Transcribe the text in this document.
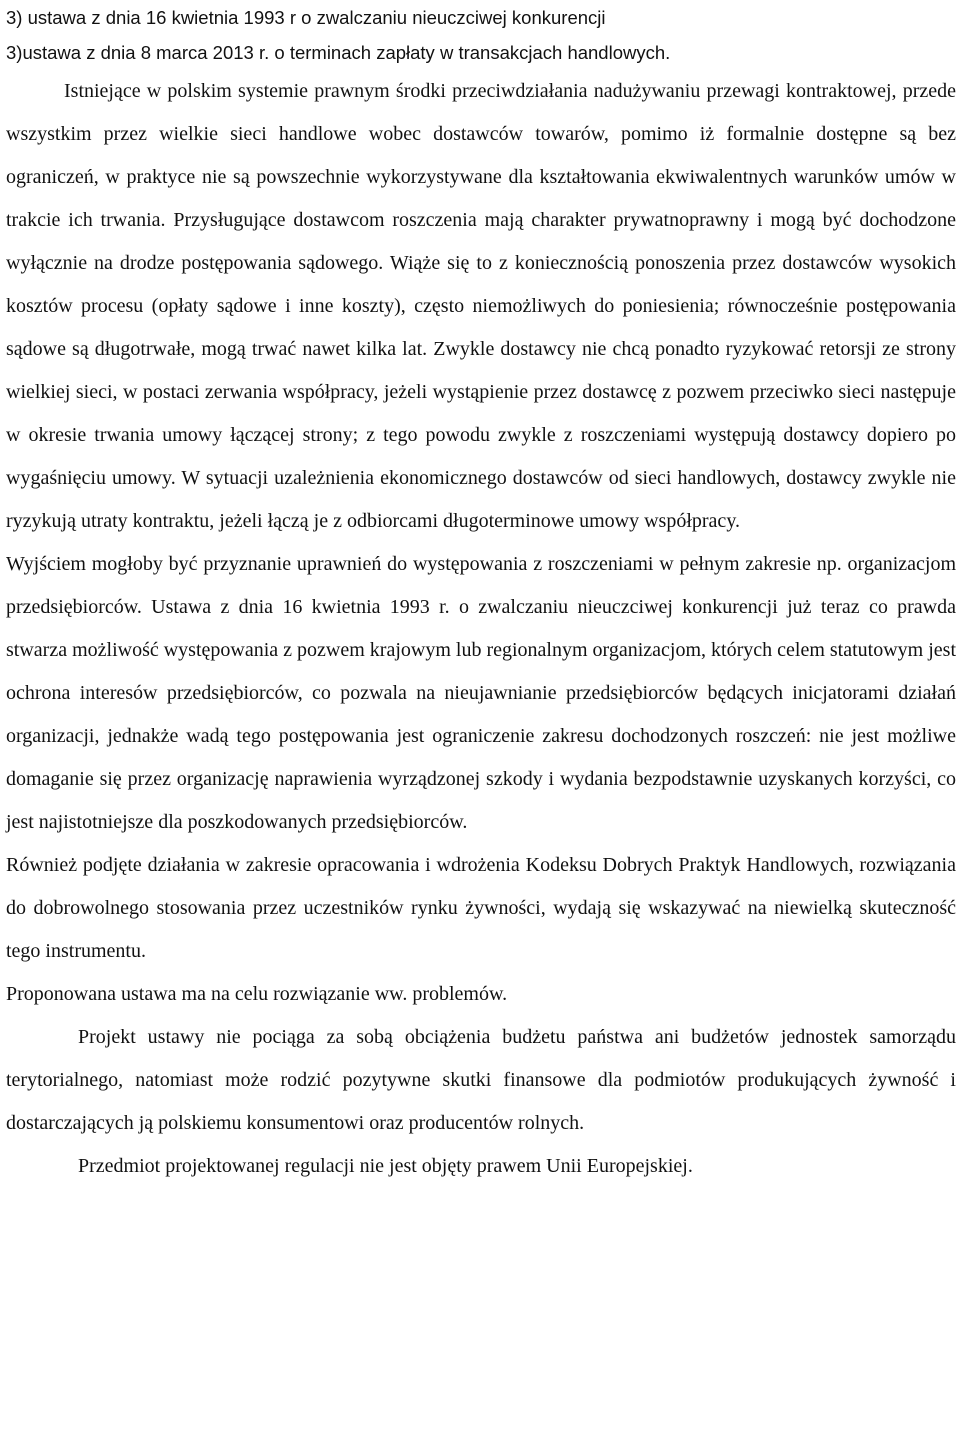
3) ustawa z dnia 16 kwietnia 1993 r o zwalczaniu nieuczciwej konkurencji

3)ustawa z dnia 8 marca 2013 r. o terminach zapłaty w transakcjach handlowych.

Istniejące w polskim systemie prawnym środki przeciwdziałania nadużywaniu przewagi kontraktowej, przede wszystkim przez wielkie sieci handlowe wobec dostawców towarów, pomimo iż formalnie dostępne są bez ograniczeń, w praktyce nie są powszechnie wykorzystywane dla kształtowania ekwiwalentnych warunków umów w trakcie ich trwania. Przysługujące dostawcom roszczenia mają charakter prywatnoprawny i mogą być dochodzone wyłącznie na drodze postępowania sądowego. Wiąże się to z koniecznością ponoszenia przez dostawców wysokich kosztów procesu (opłaty sądowe i inne koszty), często niemożliwych do poniesienia; równocześnie postępowania sądowe są długotrwałe, mogą trwać nawet kilka lat. Zwykle dostawcy nie chcą ponadto ryzykować retorsji ze strony wielkiej sieci, w postaci zerwania współpracy, jeżeli wystąpienie przez dostawcę z pozwem przeciwko sieci następuje w okresie trwania umowy łączącej strony; z tego powodu zwykle z roszczeniami występują dostawcy dopiero po wygaśnięciu umowy. W sytuacji uzależnienia ekonomicznego dostawców od sieci handlowych, dostawcy zwykle nie ryzykują utraty kontraktu, jeżeli łączą je z odbiorcami długoterminowe umowy współpracy.

Wyjściem mogłoby być przyznanie uprawnień do występowania z roszczeniami w pełnym zakresie np. organizacjom przedsiębiorców. Ustawa z dnia 16 kwietnia 1993 r. o zwalczaniu nieuczciwej konkurencji już teraz co prawda stwarza możliwość występowania z pozwem krajowym lub regionalnym organizacjom, których celem statutowym jest ochrona interesów przedsiębiorców, co pozwala na nieujawnianie przedsiębiorców będących inicjatorami działań organizacji, jednakże wadą tego postępowania jest ograniczenie zakresu dochodzonych roszczeń: nie jest możliwe domaganie się przez organizację naprawienia wyrządzonej szkody i wydania bezpodstawnie uzyskanych korzyści, co jest najistotniejsze dla poszkodowanych przedsiębiorców.

Również podjęte działania w zakresie opracowania i wdrożenia Kodeksu Dobrych Praktyk Handlowych, rozwiązania do dobrowolnego stosowania przez uczestników rynku żywności, wydają się wskazywać na niewielką skuteczność tego instrumentu.

Proponowana ustawa ma na celu rozwiązanie ww. problemów.

Projekt ustawy nie pociąga za sobą obciążenia budżetu państwa ani budżetów jednostek samorządu terytorialnego, natomiast może rodzić pozytywne skutki finansowe dla podmiotów produkujących żywność i dostarczających ją polskiemu konsumentowi oraz producentów rolnych.

Przedmiot projektowanej regulacji nie jest objęty prawem Unii Europejskiej.
